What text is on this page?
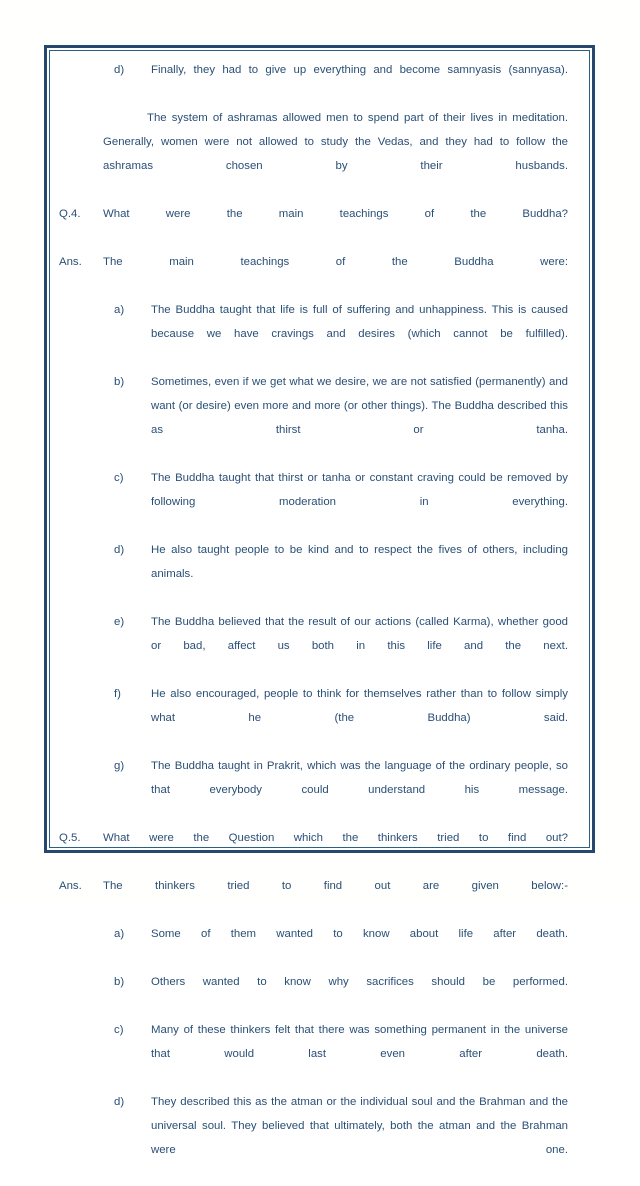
d)	Finally, they had to give up everything and become samnyasis (sannyasa).
The system of ashramas allowed men to spend part of their lives in meditation. Generally, women were not allowed to study the Vedas, and they had to follow the ashramas chosen by their husbands.
Q.4.	What were the main teachings of the Buddha?
Ans.	The main teachings of the Buddha were:
a)	The Buddha taught that life is full of suffering and unhappiness. This is caused because we have cravings and desires (which cannot be fulfilled).
b)	Sometimes, even if we get what we desire, we are not satisfied (permanently) and want (or desire) even more and more (or other things). The Buddha described this as thirst or tanha.
c)	The Buddha taught that thirst or tanha or constant craving could be removed by following moderation in everything.
d)	He also taught people to be kind and to respect the fives of others, including animals.
e)	The Buddha believed that the result of our actions (called Karma), whether good or bad, affect us both in this life and the next.
f)	He also encouraged, people to think for themselves rather than to follow simply what he (the Buddha) said.
g)	The Buddha taught in Prakrit, which was the language of the ordinary people, so that everybody could understand his message.
Q.5.	What were the Question which the thinkers tried to find out?
Ans.	The thinkers tried to find out are given below:-
a)	Some of them wanted to know about life after death.
b)	Others wanted to know why sacrifices should be performed.
c)	Many of these thinkers felt that there was something permanent in the universe that would last even after death.
d)	They described this as the atman or the individual soul and the Brahman and the universal soul. They believed that ultimately, both the atman and the Brahman were one.
